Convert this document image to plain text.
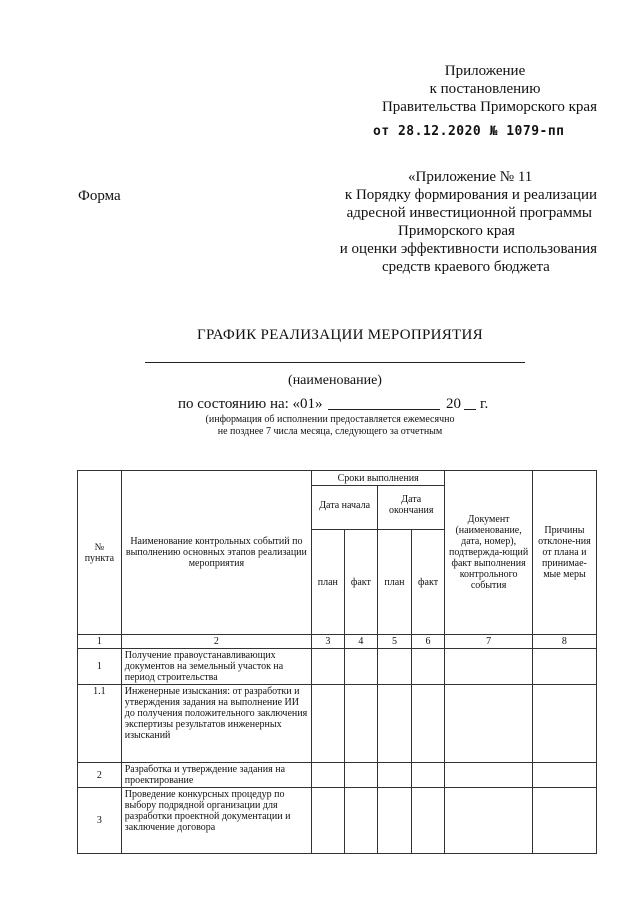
Приложение
к постановлению
Правительства Приморского края
от 28.12.2020 № 1079-пп
Форма
«Приложение № 11
к Порядку формирования и реализации
адресной инвестиционной программы
Приморского края
и оценки эффективности использования
средств краевого бюджета
ГРАФИК РЕАЛИЗАЦИИ МЕРОПРИЯТИЯ
(наименование)
по состоянию на: «01»	20 г.
(информация об исполнении предоставляется ежемесячно
не позднее 7 числа месяца, следующего за отчетным
№ пункта	Наименование контрольных событий по выполнению основных этапов реализации мероприятия	Сроки выполнения				Документ (наименование, дата, номер), подтвержда-ющий факт выполнения контрольного события	Причины отклоне-ния от плана и принимае-мые меры
		Дата начала		Дата окончания			
		план	факт	план	факт		
1	2	3	4	5	6	7	8
1	Получение правоустанавливающих документов на земельный участок на период строительства						
1.1	Инженерные изыскания: от разработки и утверждения задания на выполнение ИИ до получения положительного заключения экспертизы результатов инженерных изысканий						
2	Разработка и утверждение задания на проектирование						
3	Проведение конкурсных процедур по выбору подрядной организации для разработки проектной документации и заключение договора						
